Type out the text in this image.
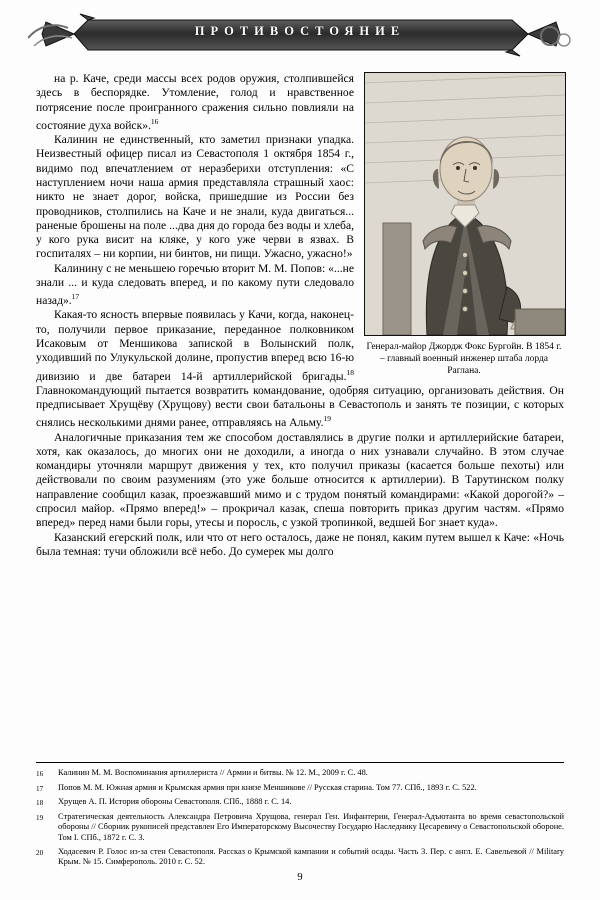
ПРОТИВОСТОЯНИЕ
Генерал-майор Джордж Фокс Бургойн. В 1854 г. – главный военный инженер штаба лорда Раглана.

на р. Каче, среди массы всех родов оружия, столпившейся здесь в беспорядке. Утомление, голод и нравственное потрясение после проигранного сражения сильно повлияли на состояние духа войск».$^{16}$

Калинин не единственный, кто заметил признаки упадка. Неизвестный офицер писал из Севастополя 1 октября 1854 г., видимо под впечатлением от неразберихи отступления: «С наступлением ночи наша армия представляла страшный хаос: никто не знает дорог, войска, пришедшие из России без проводников, столпились на Каче и не знали, куда двигаться... раненые брошены на поле ...два дня до города без воды и хлеба, у кого рука висит на кляке, у кого уже черви в язвах. В госпиталях – ни корпии, ни бинтов, ни пищи. Ужасно, ужасно!»

Калинину с не меньшею горечью вторит М. М. Попов: «...не знали ... и куда следовать вперед, и по какому пути следовало назад».$^{17}$

Какая-то ясность впервые появилась у Качи, когда, наконец-то, получили первое приказание, переданное полковником Исаковым от Меншикова запиской в Волынский полк, уходивший по Улукульской долине, пропустив вперед всю 16-ю дивизию и две батареи 14-й артиллерийской бригады.$^{18}$ Главнокомандующий пытается возвратить командование, одобряя ситуацию, организовать действия. Он предписывает Хрущёву (Хрущову) вести свои батальоны в Севастополь и занять те позиции, с которых снялись несколькими днями ранее, отправляясь на Альму.$^{19}$

Аналогичные приказания тем же способом доставлялись в другие полки и артиллерийские батареи, хотя, как оказалось, до многих они не доходили, а иногда о них узнавали случайно. В этом случае командиры уточняли маршрут движения у тех, кто получил приказы (касается больше пехоты) или действовали по своим разумениям (это уже больше относится к артиллерии). В Тарутинском полку направление сообщил казак, проезжавший мимо и с трудом понятый командирами: «Какой дорогой?» – спросил майор. «Прямо вперед!» – прокричал казак, спеша повторить приказ другим частям. «Прямо вперед» перед нами были горы, утесы и поросль, с узкой тропинкой, ведшей Бог знает куда».

Казанский егерский полк, или что от него осталось, даже не понял, каким путем вышел к Каче: «Ночь была темная: тучи обложили всё небо. До сумерек мы долго

16	Калинин М. М. Воспоминания артиллериста // Армии и битвы. № 12. М., 2009 г. С. 48.
17	Попов М. М. Южная армия и Крымская армия при князе Меншикове // Русская старина. Том 77. СПб., 1893 г. С. 522.
18	Хрущев А. П. История обороны Севастополя. СПб., 1888 г. С. 14.
19	Стратегическая деятельность Александра Петровича Хрущова, генерал Ген. Инфантерии, Генерал-Адъютанта во время севастопольской обороны // Сборник рукописей представлен Его Императорскому Высочеству Государю Наследнику Цесаревичу о Севастопольской обороне. Том I. СПб., 1872 г. С. 3.
20	Ходасевич Р. Голос из-за стен Севастополя. Рассказ о Крымской кампании и событий осады. Часть 3. Пер. с англ. Е. Савельевой // Military Крым. № 15. Симферополь. 2010 г. С. 52.
9
